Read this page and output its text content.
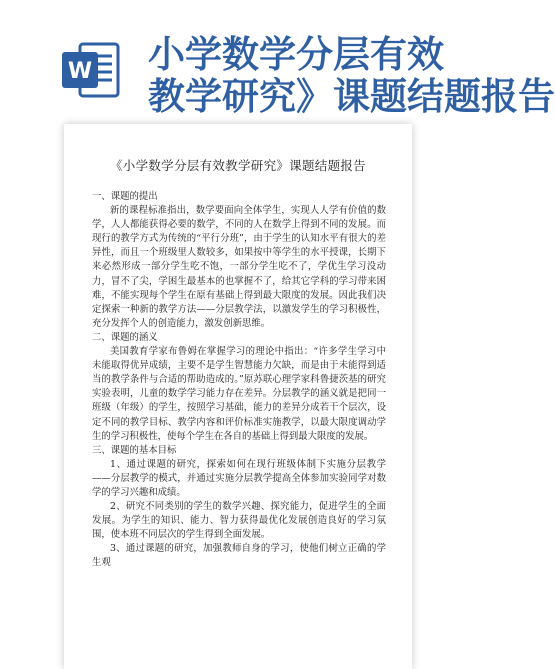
W 小学数学分层有效
教学研究》课题结题报告

《小学数学分层有效教学研究》课题结题报告

一、课题的提出

新的课程标准指出，数学要面向全体学生，实现人人学有价值的数学，人人都能获得必要的数学，不同的人在数学上得到不同的发展。而现行的教学方式为传统的“平行分班”，由于学生的认知水平有很大的差异性，而且一个班级里人数较多，如果按中等学生的水平授课，长期下来必然形成一部分学生吃不饱，一部分学生吃不了，学优生学习没动力，冒不了尖，学困生最基本的也掌握不了，给其它学科的学习带来困难，不能实现每个学生在原有基础上得到最大限度的发展。因此我们决定探索一种新的教学方法——分层教学法，以激发学生的学习积极性，充分发挥个人的创造能力，激发创新思维。

二、课题的涵义

美国教育学家布鲁姆在掌握学习的理论中指出：“许多学生学习中未能取得优异成绩，主要不是学生智慧能力欠缺，而是由于未能得到适当的教学条件与合适的帮助造成的。”原苏联心理学家科鲁捷茨基的研究实验表明，儿童的数学学习能力存在差异。分层教学的涵义就是把同一班级（年级）的学生，按照学习基础，能力的差异分成若干个层次，设定不同的教学目标、教学内容和评价标准实施教学，以最大限度调动学生的学习积极性，使每个学生在各自的基础上得到最大限度的发展。

三、课题的基本目标

1、通过课题的研究，探索如何在现行班级体制下实施分层教学——分层教学的模式，并通过实施分层教学提高全体参加实验同学对数学的学习兴趣和成绩。

2、研究不同类别的学生的数学兴趣、探究能力，促进学生的全面发展。为学生的知识、能力、智力获得最优化发展创造良好的学习氛围，使本班不同层次的学生得到全面发展。

3、通过课题的研究，加强教师自身的学习，使他们树立正确的学生观
